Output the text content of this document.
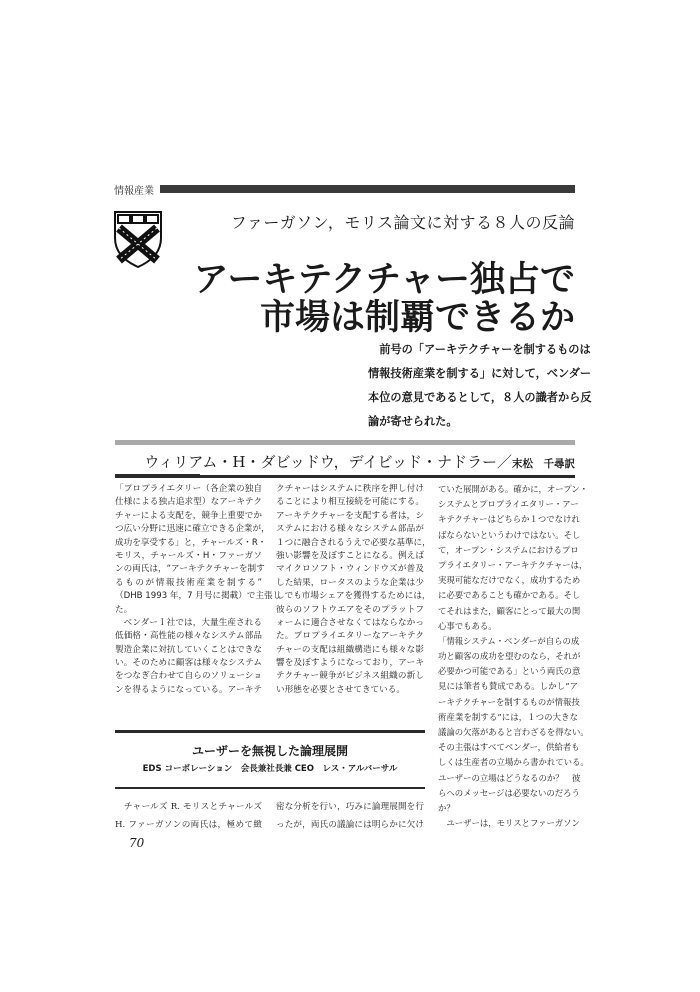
情報産業
ファーガソン，モリス論文に対する８人の反論
アーキテクチャー独占で
市場は制覇できるか
前号の「アーキテクチャーを制するものは
情報技術産業を制する」に対して，ベンダー
本位の意見であるとして，８人の識者から反
論が寄せられた。
ウィリアム・H・ダビッドウ，デイビッド・ナドラー／末松　千尋訳
「プロプライエタリー（各企業の独自
仕様による独占追求型）なアーキテク
チャーによる支配を，競争上重要でか
つ広い分野に迅速に確立できる企業が，
成功を享受する」と，チャールズ・R・
モリス，チャールズ・H・ファーガソ
ンの両氏は，“アーキテクチャーを制す
るものが情報技術産業を制する”
（DHB 1993 年，7 月号に掲載）で主張し
た。
　ベンダーＩ社では，大量生産される
低価格・高性能の様々なシステム部品
製造企業に対抗していくことはできな
い。そのために顧客は様々なシステム
をつなぎ合わせて自らのソリューショ
ンを得るようになっている。アーキテ
クチャーはシステムに秩序を押し付け
ることにより相互接続を可能にする。
アーキテクチャーを支配する者は，シ
ステムにおける様々なシステム部品が
１つに融合されるうえで必要な基準に，
強い影響を及ぼすことになる。例えば
マイクロソフト・ウィンドウズが普及
した結果，ロータスのような企業は少
しでも市場シェアを獲得するためには，
彼らのソフトウエアをそのプラットフ
ォームに適合させなくてはならなかっ
た。プロプライエタリーなアーキテク
チャーの支配は組織構造にも様々な影
響を及ぼすようになっており，アーキ
テクチャー競争がビジネス組織の新し
い形態を必要とさせてきている。
ていた展開がある。確かに，オープン・
システムとプロプライエタリー・アー
キテクチャーはどちらか１つでなけれ
ばならないというわけではない。そし
て，オープン・システムにおけるプロ
プライエタリー・アーキテクチャーは，
実現可能なだけでなく，成功するため
に必要であることも確かである。そし
てそれはまた，顧客にとって最大の関
心事でもある。
「情報システム・ベンダーが自らの成
功と顧客の成功を望むのなら，それが
必要かつ可能である」という両氏の意
見には筆者も賛成である。しかし“ア
ーキテクチャーを制するものが情報技
術産業を制する”には，１つの大きな
議論の欠落があると言わざるを得ない。
その主張はすべてベンダー，供給者も
しくは生産者の立場から書かれている。
ユーザーの立場はどうなるのか？　彼
らへのメッセージは必要ないのだろう
か？
　ユーザーは，モリスとファーガソン
ユーザーを無視した論理展開
EDS コーポレーション　会長兼社長兼 CEO　レス・アルバーサル
　チャールズ R. モリスとチャールズ
H. ファーガソンの両氏は，極めて緻
密な分析を行い，巧みに論理展開を行
ったが，両氏の議論には明らかに欠け
70
